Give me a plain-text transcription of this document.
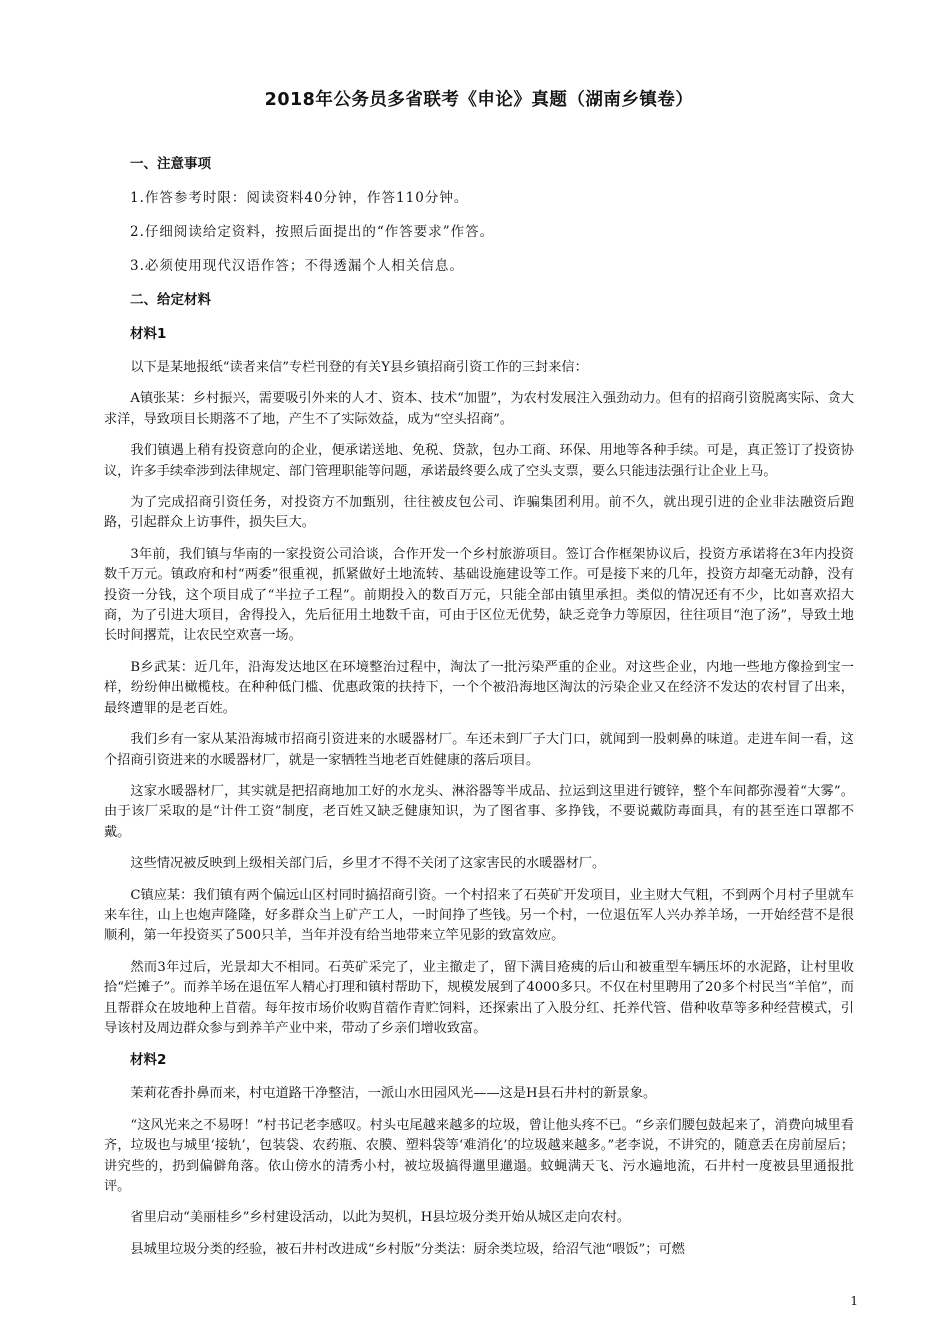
2018年公务员多省联考《申论》真题（湖南乡镇卷）
一、注意事项
1.作答参考时限：阅读资料40分钟，作答110分钟。
2.仔细阅读给定资料，按照后面提出的“作答要求”作答。
3.必须使用现代汉语作答；不得透漏个人相关信息。
二、给定材料
材料1
以下是某地报纸“读者来信”专栏刊登的有关Y县乡镇招商引资工作的三封来信：
A镇张某：乡村振兴，需要吸引外来的人才、资本、技术“加盟”，为农村发展注入强劲动力。但有的招商引资脱离实际、贪大求洋，导致项目长期落不了地，产生不了实际效益，成为“空头招商”。
我们镇遇上稍有投资意向的企业，便承诺送地、免税、贷款，包办工商、环保、用地等各种手续。可是，真正签订了投资协议，许多手续牵涉到法律规定、部门管理职能等问题，承诺最终要么成了空头支票，要么只能违法强行让企业上马。
为了完成招商引资任务，对投资方不加甄别，往往被皮包公司、诈骗集团利用。前不久，就出现引进的企业非法融资后跑路，引起群众上访事件，损失巨大。
3年前，我们镇与华南的一家投资公司洽谈，合作开发一个乡村旅游项目。签订合作框架协议后，投资方承诺将在3年内投资数千万元。镇政府和村“两委”很重视，抓紧做好土地流转、基础设施建设等工作。可是接下来的几年，投资方却毫无动静，没有投资一分钱，这个项目成了“半拉子工程”。前期投入的数百万元，只能全部由镇里承担。类似的情况还有不少，比如喜欢招大商，为了引进大项目，舍得投入，先后征用土地数千亩，可由于区位无优势，缺乏竞争力等原因，往往项目“泡了汤”，导致土地长时间撂荒，让农民空欢喜一场。
B乡武某：近几年，沿海发达地区在环境整治过程中，淘汰了一批污染严重的企业。对这些企业，内地一些地方像捡到宝一样，纷纷伸出橄榄枝。在种种低门槛、优惠政策的扶持下，一个个被沿海地区淘汰的污染企业又在经济不发达的农村冒了出来，最终遭罪的是老百姓。
我们乡有一家从某沿海城市招商引资进来的水暖器材厂。车还未到厂子大门口，就闻到一股刺鼻的味道。走进车间一看，这个招商引资进来的水暖器材厂，就是一家牺牲当地老百姓健康的落后项目。
这家水暖器材厂，其实就是把招商地加工好的水龙头、淋浴器等半成品、拉运到这里进行镀锌，整个车间都弥漫着“大雾”。由于该厂采取的是“计件工资”制度，老百姓又缺乏健康知识，为了图省事、多挣钱，不要说戴防毒面具，有的甚至连口罩都不戴。
这些情况被反映到上级相关部门后，乡里才不得不关闭了这家害民的水暖器材厂。
C镇应某：我们镇有两个偏远山区村同时搞招商引资。一个村招来了石英矿开发项目，业主财大气粗，不到两个月村子里就车来车往，山上也炮声隆隆，好多群众当上矿产工人，一时间挣了些钱。另一个村，一位退伍军人兴办养羊场，一开始经营不是很顺利，第一年投资买了500只羊，当年并没有给当地带来立竿见影的致富效应。
然而3年过后，光景却大不相同。石英矿采完了，业主撤走了，留下满目疮痍的后山和被重型车辆压坏的水泥路，让村里收拾“烂摊子”。而养羊场在退伍军人精心打理和镇村帮助下，规模发展到了4000多只。不仅在村里聘用了20多个村民当“羊倌”，而且帮群众在坡地种上苜蓿。每年按市场价收购苜蓿作青贮饲料，还探索出了入股分红、托养代管、借种收草等多种经营模式，引导该村及周边群众参与到养羊产业中来，带动了乡亲们增收致富。
材料2
茉莉花香扑鼻而来，村屯道路干净整洁，一派山水田园风光——这是H县石井村的新景象。
“这风光来之不易呀！”村书记老李感叹。村头屯尾越来越多的垃圾，曾让他头疼不已。“乡亲们腰包鼓起来了，消费向城里看齐，垃圾也与城里‘接轨’，包装袋、农药瓶、农膜、塑料袋等‘难消化’的垃圾越来越多。”老李说，不讲究的，随意丢在房前屋后；讲究些的，扔到偏僻角落。依山傍水的清秀小村，被垃圾搞得邋里邋遢。蚊蝇满天飞、污水遍地流，石井村一度被县里通报批评。
省里启动“美丽桂乡”乡村建设活动，以此为契机，H县垃圾分类开始从城区走向农村。
县城里垃圾分类的经验，被石井村改进成“乡村版”分类法：厨余类垃圾，给沼气池“喂饭”；可燃
1
